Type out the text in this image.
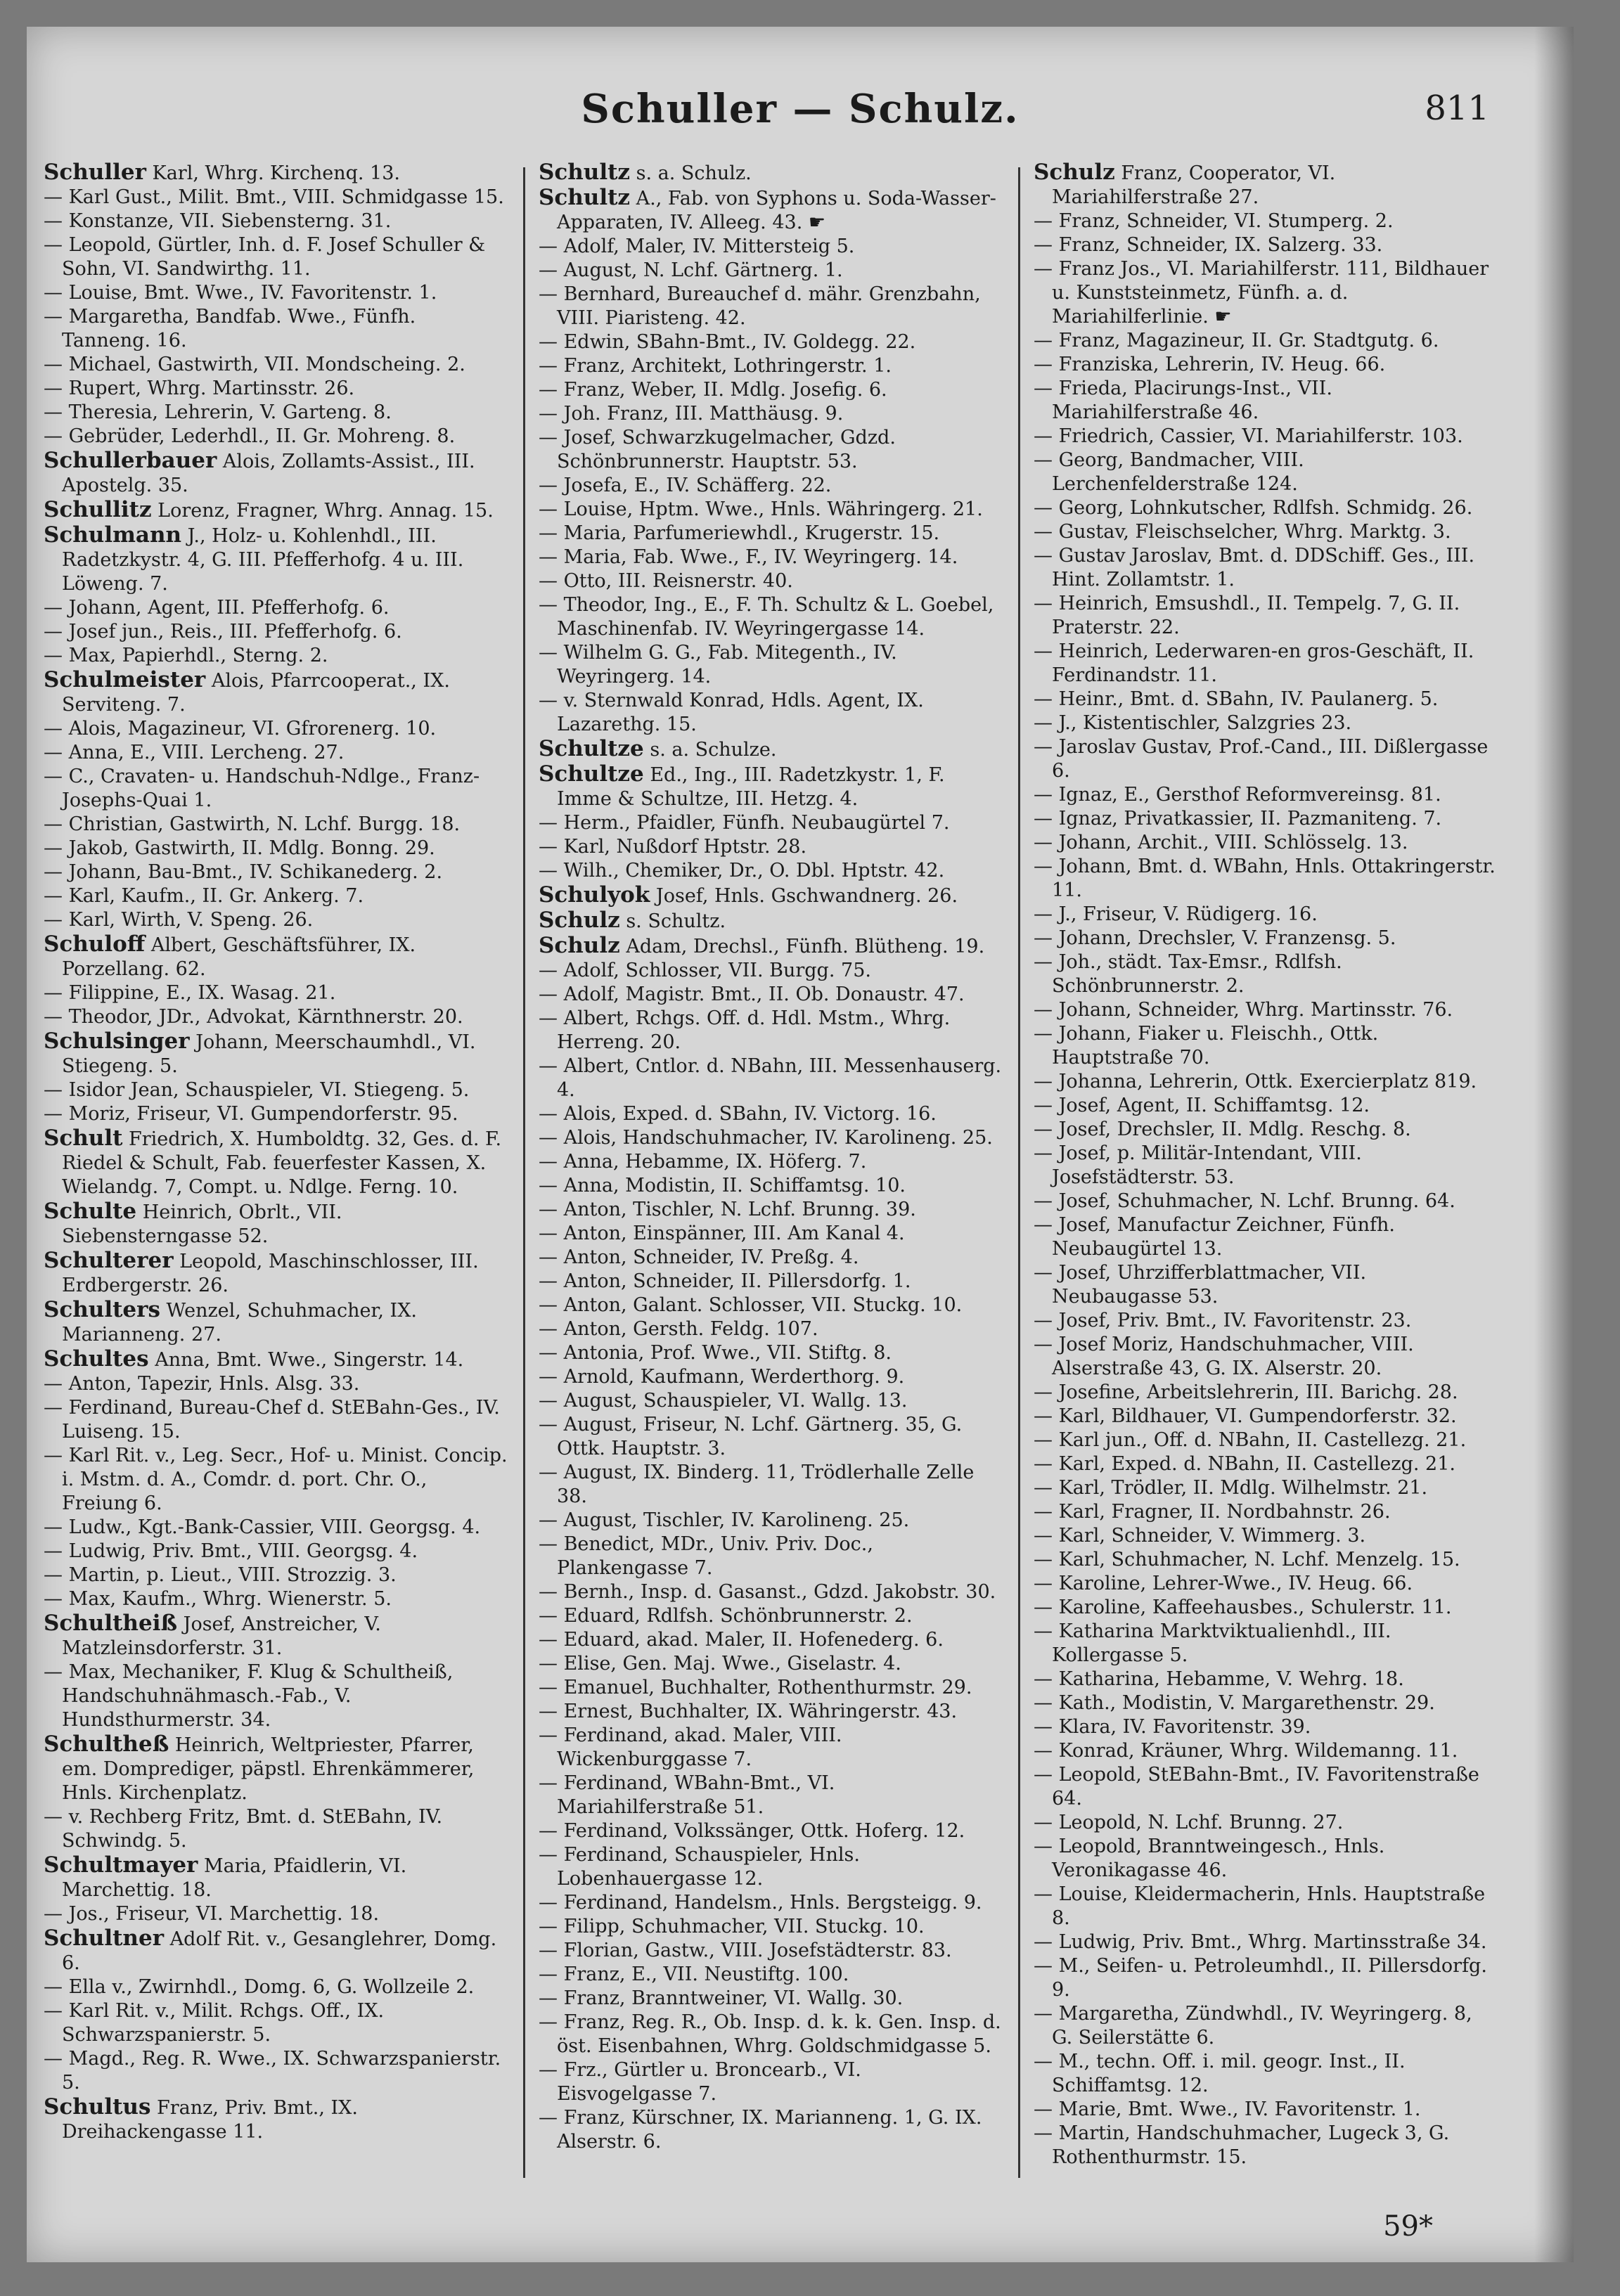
Schuller — Schulz.	811

Schuller Karl, Whrg. Kirchenq. 13.

— Karl Gust., Milit. Bmt., VIII. Schmidgasse 15.

— Konstanze, VII. Siebensterng. 31.

— Leopold, Gürtler, Inh. d. F. Josef Schuller & Sohn, VI. Sandwirthg. 11.

— Louise, Bmt. Wwe., IV. Favoritenstr. 1.

— Margaretha, Bandfab. Wwe., Fünfh. Tanneng. 16.

— Michael, Gastwirth, VII. Mondscheing. 2.

— Rupert, Whrg. Martinsstr. 26.

— Theresia, Lehrerin, V. Garteng. 8.

— Gebrüder, Lederhdl., II. Gr. Mohreng. 8.

Schullerbauer Alois, Zollamts-Assist., III. Apostelg. 35.

Schullitz Lorenz, Fragner, Whrg. Annag. 15.

Schulmann J., Holz- u. Kohlenhdl., III. Radetzkystr. 4, G. III. Pfefferhofg. 4 u. III. Löweng. 7.

— Johann, Agent, III. Pfefferhofg. 6.

— Josef jun., Reis., III. Pfefferhofg. 6.

— Max, Papierhdl., Sterng. 2.

Schulmeister Alois, Pfarrcooperat., IX. Serviteng. 7.

— Alois, Magazineur, VI. Gfrorenerg. 10.

— Anna, E., VIII. Lercheng. 27.

— C., Cravaten- u. Handschuh-Ndlge., Franz-Josephs-Quai 1.

— Christian, Gastwirth, N. Lchf. Burgg. 18.

— Jakob, Gastwirth, II. Mdlg. Bonng. 29.

— Johann, Bau-Bmt., IV. Schikanederg. 2.

— Karl, Kaufm., II. Gr. Ankerg. 7.

— Karl, Wirth, V. Speng. 26.

Schuloff Albert, Geschäftsführer, IX. Porzellang. 62.

— Filippine, E., IX. Wasag. 21.

— Theodor, JDr., Advokat, Kärnthnerstr. 20.

Schulsinger Johann, Meerschaumhdl., VI. Stiegeng. 5.

— Isidor Jean, Schauspieler, VI. Stiegeng. 5.

— Moriz, Friseur, VI. Gumpendorferstr. 95.

Schult Friedrich, X. Humboldtg. 32, Ges. d. F. Riedel & Schult, Fab. feuerfester Kassen, X. Wielandg. 7, Compt. u. Ndlge. Ferng. 10.

Schulte Heinrich, Obrlt., VII. Siebensterngasse 52.

Schulterer Leopold, Maschinschlosser, III. Erdbergerstr. 26.

Schulters Wenzel, Schuhmacher, IX. Marianneng. 27.

Schultes Anna, Bmt. Wwe., Singerstr. 14.

— Anton, Tapezir, Hnls. Alsg. 33.

— Ferdinand, Bureau-Chef d. StEBahn-Ges., IV. Luiseng. 15.

— Karl Rit. v., Leg. Secr., Hof- u. Minist. Concip. i. Mstm. d. A., Comdr. d. port. Chr. O., Freiung 6.

— Ludw., Kgt.-Bank-Cassier, VIII. Georgsg. 4.

— Ludwig, Priv. Bmt., VIII. Georgsg. 4.

— Martin, p. Lieut., VIII. Strozzig. 3.

— Max, Kaufm., Whrg. Wienerstr. 5.

Schultheiß Josef, Anstreicher, V. Matzleinsdorferstr. 31.

— Max, Mechaniker, F. Klug & Schultheiß, Handschuhnähmasch.-Fab., V. Hundsthurmerstr. 34.

Schultheß Heinrich, Weltpriester, Pfarrer, em. Domprediger, päpstl. Ehrenkämmerer, Hnls. Kirchenplatz.

— v. Rechberg Fritz, Bmt. d. StEBahn, IV. Schwindg. 5.

Schultmayer Maria, Pfaidlerin, VI. Marchettig. 18.

— Jos., Friseur, VI. Marchettig. 18.

Schultner Adolf Rit. v., Gesanglehrer, Domg. 6.

— Ella v., Zwirnhdl., Domg. 6, G. Wollzeile 2.

— Karl Rit. v., Milit. Rchgs. Off., IX. Schwarzspanierstr. 5.

— Magd., Reg. R. Wwe., IX. Schwarzspanierstr. 5.

Schultus Franz, Priv. Bmt., IX. Dreihackengasse 11.

Schultz s. a. Schulz.

Schultz A., Fab. von Syphons u. Soda-Wasser-Apparaten, IV. Alleeg. 43. ☛

— Adolf, Maler, IV. Mittersteig 5.

— August, N. Lchf. Gärtnerg. 1.

— Bernhard, Bureauchef d. mähr. Grenzbahn, VIII. Piaristeng. 42.

— Edwin, SBahn-Bmt., IV. Goldegg. 22.

— Franz, Architekt, Lothringerstr. 1.

— Franz, Weber, II. Mdlg. Josefig. 6.

— Joh. Franz, III. Matthäusg. 9.

— Josef, Schwarzkugelmacher, Gdzd. Schönbrunnerstr. Hauptstr. 53.

— Josefa, E., IV. Schäfferg. 22.

— Louise, Hptm. Wwe., Hnls. Währingerg. 21.

— Maria, Parfumeriewhdl., Krugerstr. 15.

— Maria, Fab. Wwe., F., IV. Weyringerg. 14.

— Otto, III. Reisnerstr. 40.

— Theodor, Ing., E., F. Th. Schultz & L. Goebel, Maschinenfab. IV. Weyringergasse 14.

— Wilhelm G. G., Fab. Mitegenth., IV. Weyringerg. 14.

— v. Sternwald Konrad, Hdls. Agent, IX. Lazarethg. 15.

Schultze s. a. Schulze.

Schultze Ed., Ing., III. Radetzkystr. 1, F. Imme & Schultze, III. Hetzg. 4.

— Herm., Pfaidler, Fünfh. Neubaugürtel 7.

— Karl, Nußdorf Hptstr. 28.

— Wilh., Chemiker, Dr., O. Dbl. Hptstr. 42.

Schulyok Josef, Hnls. Gschwandnerg. 26.

Schulz s. Schultz.

Schulz Adam, Drechsl., Fünfh. Blütheng. 19.

— Adolf, Schlosser, VII. Burgg. 75.

— Adolf, Magistr. Bmt., II. Ob. Donaustr. 47.

— Albert, Rchgs. Off. d. Hdl. Mstm., Whrg. Herreng. 20.

— Albert, Cntlor. d. NBahn, III. Messenhauserg. 4.

— Alois, Exped. d. SBahn, IV. Victorg. 16.

— Alois, Handschuhmacher, IV. Karolineng. 25.

— Anna, Hebamme, IX. Höferg. 7.

— Anna, Modistin, II. Schiffamtsg. 10.

— Anton, Tischler, N. Lchf. Brunng. 39.

— Anton, Einspänner, III. Am Kanal 4.

— Anton, Schneider, IV. Preßg. 4.

— Anton, Schneider, II. Pillersdorfg. 1.

— Anton, Galant. Schlosser, VII. Stuckg. 10.

— Anton, Gersth. Feldg. 107.

— Antonia, Prof. Wwe., VII. Stiftg. 8.

— Arnold, Kaufmann, Werderthorg. 9.

— August, Schauspieler, VI. Wallg. 13.

— August, Friseur, N. Lchf. Gärtnerg. 35, G. Ottk. Hauptstr. 3.

— August, IX. Binderg. 11, Trödlerhalle Zelle 38.

— August, Tischler, IV. Karolineng. 25.

— Benedict, MDr., Univ. Priv. Doc., Plankengasse 7.

— Bernh., Insp. d. Gasanst., Gdzd. Jakobstr. 30.

— Eduard, Rdlfsh. Schönbrunnerstr. 2.

— Eduard, akad. Maler, II. Hofenederg. 6.

— Elise, Gen. Maj. Wwe., Giselastr. 4.

— Emanuel, Buchhalter, Rothenthurmstr. 29.

— Ernest, Buchhalter, IX. Währingerstr. 43.

— Ferdinand, akad. Maler, VIII. Wickenburggasse 7.

— Ferdinand, WBahn-Bmt., VI. Mariahilferstraße 51.

— Ferdinand, Volkssänger, Ottk. Hoferg. 12.

— Ferdinand, Schauspieler, Hnls. Lobenhauergasse 12.

— Ferdinand, Handelsm., Hnls. Bergsteigg. 9.

— Filipp, Schuhmacher, VII. Stuckg. 10.

— Florian, Gastw., VIII. Josefstädterstr. 83.

— Franz, E., VII. Neustiftg. 100.

— Franz, Branntweiner, VI. Wallg. 30.

— Franz, Reg. R., Ob. Insp. d. k. k. Gen. Insp. d. öst. Eisenbahnen, Whrg. Goldschmidgasse 5.

— Frz., Gürtler u. Broncearb., VI. Eisvogelgasse 7.

— Franz, Kürschner, IX. Marianneng. 1, G. IX. Alserstr. 6.

Schulz Franz, Cooperator, VI. Mariahilferstraße 27.

— Franz, Schneider, VI. Stumperg. 2.

— Franz, Schneider, IX. Salzerg. 33.

— Franz Jos., VI. Mariahilferstr. 111, Bildhauer u. Kunststeinmetz, Fünfh. a. d. Mariahilferlinie. ☛

— Franz, Magazineur, II. Gr. Stadtgutg. 6.

— Franziska, Lehrerin, IV. Heug. 66.

— Frieda, Placirungs-Inst., VII. Mariahilferstraße 46.

— Friedrich, Cassier, VI. Mariahilferstr. 103.

— Georg, Bandmacher, VIII. Lerchenfelderstraße 124.

— Georg, Lohnkutscher, Rdlfsh. Schmidg. 26.

— Gustav, Fleischselcher, Whrg. Marktg. 3.

— Gustav Jaroslav, Bmt. d. DDSchiff. Ges., III. Hint. Zollamtstr. 1.

— Heinrich, Emsushdl., II. Tempelg. 7, G. II. Praterstr. 22.

— Heinrich, Lederwaren-en gros-Geschäft, II. Ferdinandstr. 11.

— Heinr., Bmt. d. SBahn, IV. Paulanerg. 5.

— J., Kistentischler, Salzgries 23.

— Jaroslav Gustav, Prof.-Cand., III. Dißlergasse 6.

— Ignaz, E., Gersthof Reformvereinsg. 81.

— Ignaz, Privatkassier, II. Pazmaniteng. 7.

— Johann, Archit., VIII. Schlösselg. 13.

— Johann, Bmt. d. WBahn, Hnls. Ottakringerstr. 11.

— J., Friseur, V. Rüdigerg. 16.

— Johann, Drechsler, V. Franzensg. 5.

— Joh., städt. Tax-Emsr., Rdlfsh. Schönbrunnerstr. 2.

— Johann, Schneider, Whrg. Martinsstr. 76.

— Johann, Fiaker u. Fleischh., Ottk. Hauptstraße 70.

— Johanna, Lehrerin, Ottk. Exercierplatz 819.

— Josef, Agent, II. Schiffamtsg. 12.

— Josef, Drechsler, II. Mdlg. Reschg. 8.

— Josef, p. Militär-Intendant, VIII. Josefstädterstr. 53.

— Josef, Schuhmacher, N. Lchf. Brunng. 64.

— Josef, Manufactur Zeichner, Fünfh. Neubaugürtel 13.

— Josef, Uhrzifferblattmacher, VII. Neubaugasse 53.

— Josef, Priv. Bmt., IV. Favoritenstr. 23.

— Josef Moriz, Handschuhmacher, VIII. Alserstraße 43, G. IX. Alserstr. 20.

— Josefine, Arbeitslehrerin, III. Barichg. 28.

— Karl, Bildhauer, VI. Gumpendorferstr. 32.

— Karl jun., Off. d. NBahn, II. Castellezg. 21.

— Karl, Exped. d. NBahn, II. Castellezg. 21.

— Karl, Trödler, II. Mdlg. Wilhelmstr. 21.

— Karl, Fragner, II. Nordbahnstr. 26.

— Karl, Schneider, V. Wimmerg. 3.

— Karl, Schuhmacher, N. Lchf. Menzelg. 15.

— Karoline, Lehrer-Wwe., IV. Heug. 66.

— Karoline, Kaffeehausbes., Schulerstr. 11.

— Katharina Marktviktualienhdl., III. Kollergasse 5.

— Katharina, Hebamme, V. Wehrg. 18.

— Kath., Modistin, V. Margarethenstr. 29.

— Klara, IV. Favoritenstr. 39.

— Konrad, Kräuner, Whrg. Wildemanng. 11.

— Leopold, StEBahn-Bmt., IV. Favoritenstraße 64.

— Leopold, N. Lchf. Brunng. 27.

— Leopold, Branntweingesch., Hnls. Veronikagasse 46.

— Louise, Kleidermacherin, Hnls. Hauptstraße 8.

— Ludwig, Priv. Bmt., Whrg. Martinsstraße 34.

— M., Seifen- u. Petroleumhdl., II. Pillersdorfg. 9.

— Margaretha, Zündwhdl., IV. Weyringerg. 8, G. Seilerstätte 6.

— M., techn. Off. i. mil. geogr. Inst., II. Schiffamtsg. 12.

— Marie, Bmt. Wwe., IV. Favoritenstr. 1.

— Martin, Handschuhmacher, Lugeck 3, G. Rothenthurmstr. 15.

59*
